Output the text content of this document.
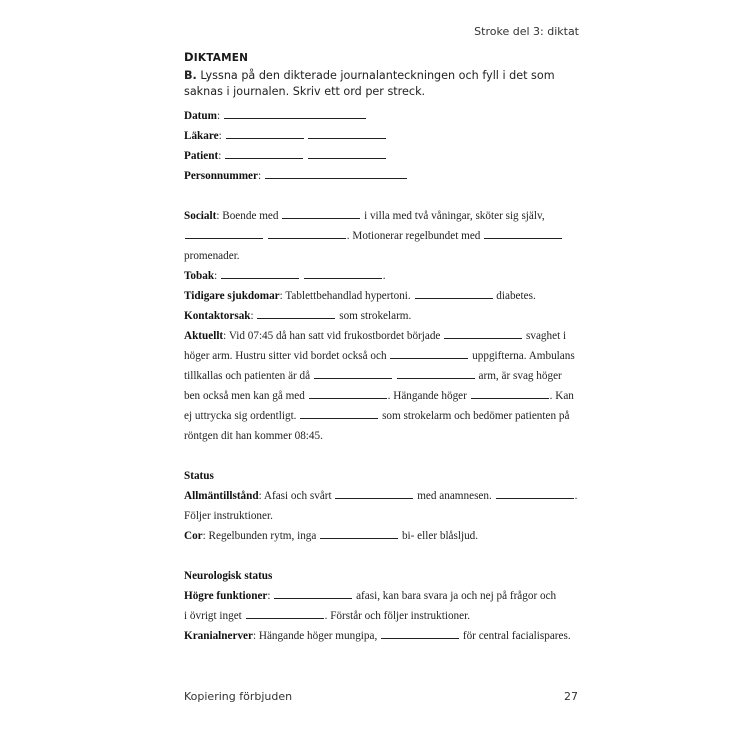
Stroke del 3: diktat
DIKTAMEN
B. Lyssna på den dikterade journalanteckningen och fyll i det som saknas i journalen. Skriv ett ord per streck.
Datum:
Läkare:
Patient:
Personnummer:
Socialt: Boende med	i villa med två våningar, sköter sig själv,
. Motionerar regelbundet med
promenader.
Tobak:	.
Tidigare sjukdomar: Tablettbehandlad hypertoni.	diabetes.
Kontaktorsak:	som strokelarm.
Aktuellt: Vid 07:45 då han satt vid frukostbordet började	svaghet i
höger arm. Hustru sitter vid bordet också och	uppgifterna. Ambulans
tillkallas och patienten är då	arm, är svag höger
ben också men kan gå med	. Hängande höger	. Kan
ej uttrycka sig ordentligt.	som strokelarm och bedömer patienten på
röntgen dit han kommer 08:45.
Status
Allmäntillstånd: Afasi och svårt	med anamnesen.	.
Följer instruktioner.
Cor: Regelbunden rytm, inga	bi- eller blåsljud.
Neurologisk status
Högre funktioner:	afasi, kan bara svara ja och nej på frågor och
i övrigt inget	. Förstår och följer instruktioner.
Kranialnerver: Hängande höger mungipa,	för central facialispares.
Kopiering förbjuden	27
